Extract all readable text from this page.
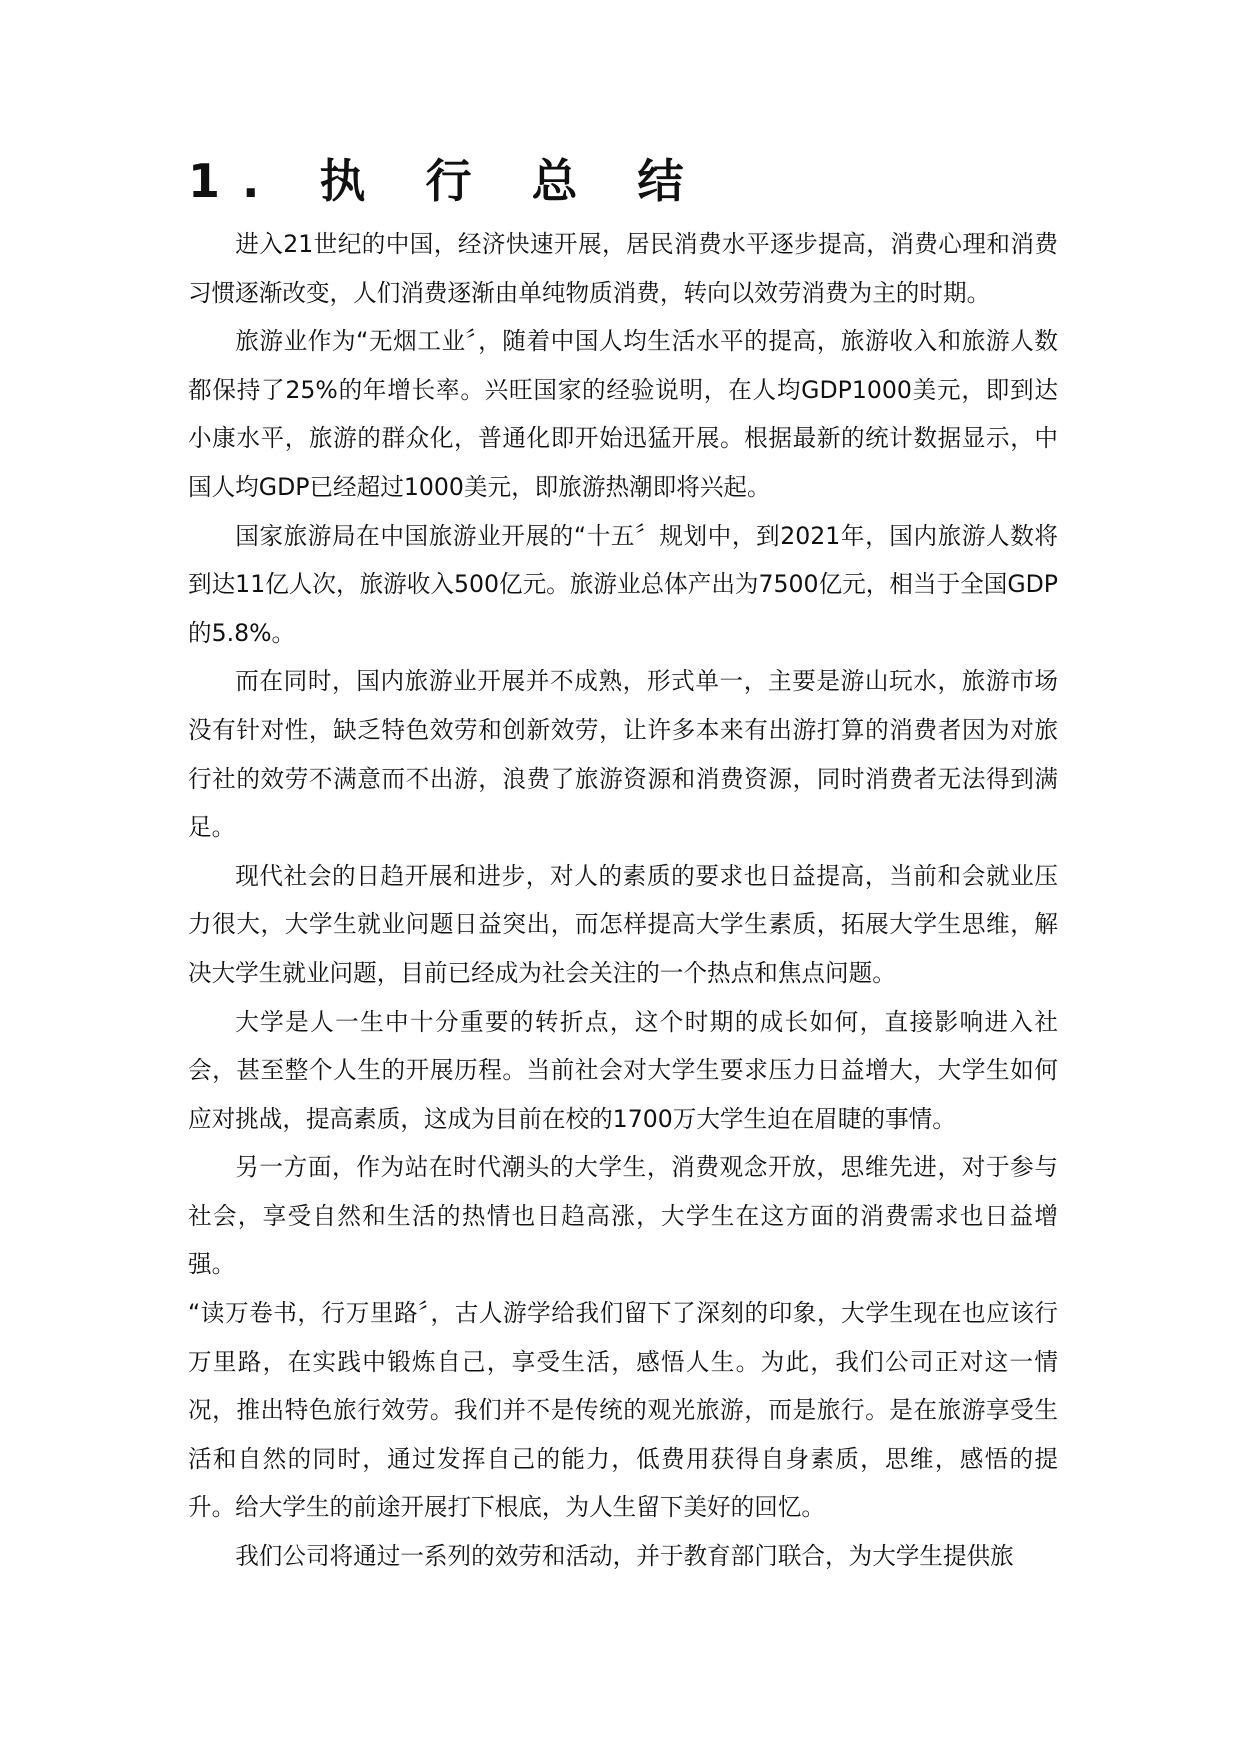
1. 执 行 总 结

进入21世纪的中国，经济快速开展，居民消费水平逐步提高，消费心理和消费习惯逐渐改变，人们消费逐渐由单纯物质消费，转向以效劳消费为主的时期。

旅游业作为“无烟工业〞，随着中国人均生活水平的提高，旅游收入和旅游人数都保持了25%的年增长率。兴旺国家的经验说明，在人均GDP1000美元，即到达小康水平，旅游的群众化，普通化即开始迅猛开展。根据最新的统计数据显示，中国人均GDP已经超过1000美元，即旅游热潮即将兴起。

国家旅游局在中国旅游业开展的“十五〞规划中，到2021年，国内旅游人数将到达11亿人次，旅游收入500亿元。旅游业总体产出为7500亿元，相当于全国GDP的5.8%。

而在同时，国内旅游业开展并不成熟，形式单一，主要是游山玩水，旅游市场没有针对性，缺乏特色效劳和创新效劳，让许多本来有出游打算的消费者因为对旅行社的效劳不满意而不出游，浪费了旅游资源和消费资源，同时消费者无法得到满足。

现代社会的日趋开展和进步，对人的素质的要求也日益提高，当前和会就业压力很大，大学生就业问题日益突出，而怎样提高大学生素质，拓展大学生思维，解决大学生就业问题，目前已经成为社会关注的一个热点和焦点问题。

大学是人一生中十分重要的转折点，这个时期的成长如何，直接影响进入社会，甚至整个人生的开展历程。当前社会对大学生要求压力日益增大，大学生如何应对挑战，提高素质，这成为目前在校的1700万大学生迫在眉睫的事情。

另一方面，作为站在时代潮头的大学生，消费观念开放，思维先进，对于参与社会，享受自然和生活的热情也日趋高涨，大学生在这方面的消费需求也日益增强。

“读万卷书，行万里路〞，古人游学给我们留下了深刻的印象，大学生现在也应该行万里路，在实践中锻炼自己，享受生活，感悟人生。为此，我们公司正对这一情况，推出特色旅行效劳。我们并不是传统的观光旅游，而是旅行。是在旅游享受生活和自然的同时，通过发挥自己的能力，低费用获得自身素质，思维，感悟的提升。给大学生的前途开展打下根底，为人生留下美好的回忆。

我们公司将通过一系列的效劳和活动，并于教育部门联合，为大学生提供旅
